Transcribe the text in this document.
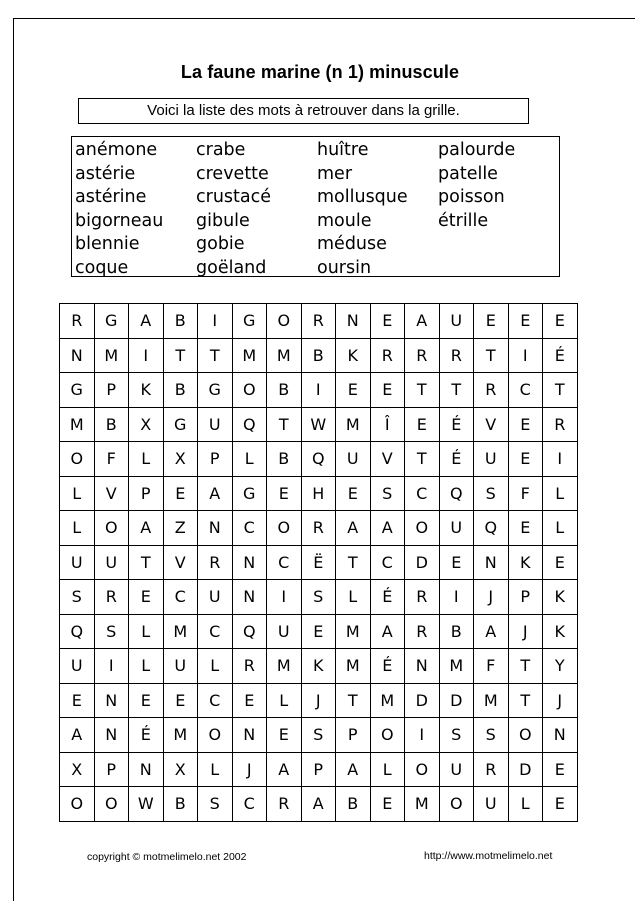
La faune marine (n 1) minuscule
Voici la liste des mots à retrouver dans la grille.
anémone
astérie
astérine
bigorneau
blennie
coque
crabe
crevette
crustacé
gibule
gobie
goëland
huître
mer
mollusque
moule
méduse
oursin
palourde
patelle
poisson
étrille
R	G	A	B	I	G	O	R	N	E	A	U	E	E	E
N	M	I	T	T	M	M	B	K	R	R	R	T	I	É
G	P	K	B	G	O	B	I	E	E	T	T	R	C	T
M	B	X	G	U	Q	T	W	M	Î	E	É	V	E	R
O	F	L	X	P	L	B	Q	U	V	T	É	U	E	I
L	V	P	E	A	G	E	H	E	S	C	Q	S	F	L
L	O	A	Z	N	C	O	R	A	A	O	U	Q	E	L
U	U	T	V	R	N	C	Ë	T	C	D	E	N	K	E
S	R	E	C	U	N	I	S	L	É	R	I	J	P	K
Q	S	L	M	C	Q	U	E	M	A	R	B	A	J	K
U	I	L	U	L	R	M	K	M	É	N	M	F	T	Y
E	N	E	E	C	E	L	J	T	M	D	D	M	T	J
A	N	É	M	O	N	E	S	P	O	I	S	S	O	N
X	P	N	X	L	J	A	P	A	L	O	U	R	D	E
O	O	W	B	S	C	R	A	B	E	M	O	U	L	E
copyright © motmelimelo.net 2002	http://www.motmelimelo.net
